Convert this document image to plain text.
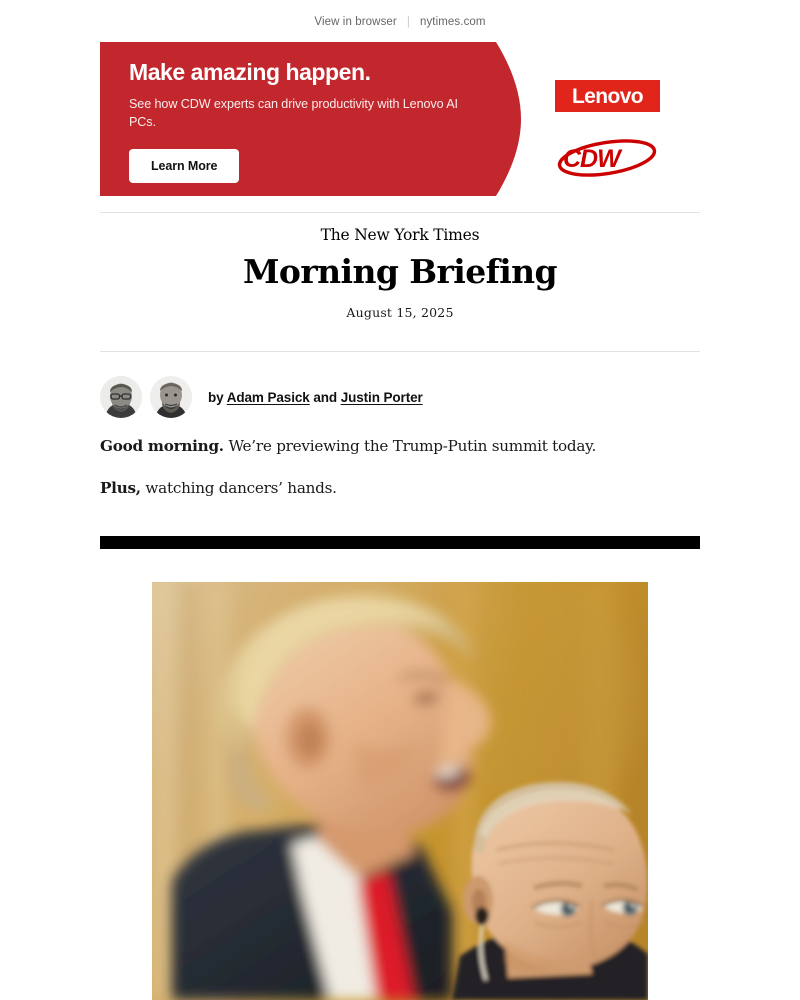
View in browser | nytimes.com
Make amazing happen.
See how CDW experts can drive productivity with Lenovo AI PCs.
Learn More
Lenovo
CDW
The New York Times
Morning Briefing
August 15, 2025
by Adam Pasick and Justin Porter

Good morning. We’re previewing the Trump-Putin summit today.

Plus, watching dancers’ hands.
